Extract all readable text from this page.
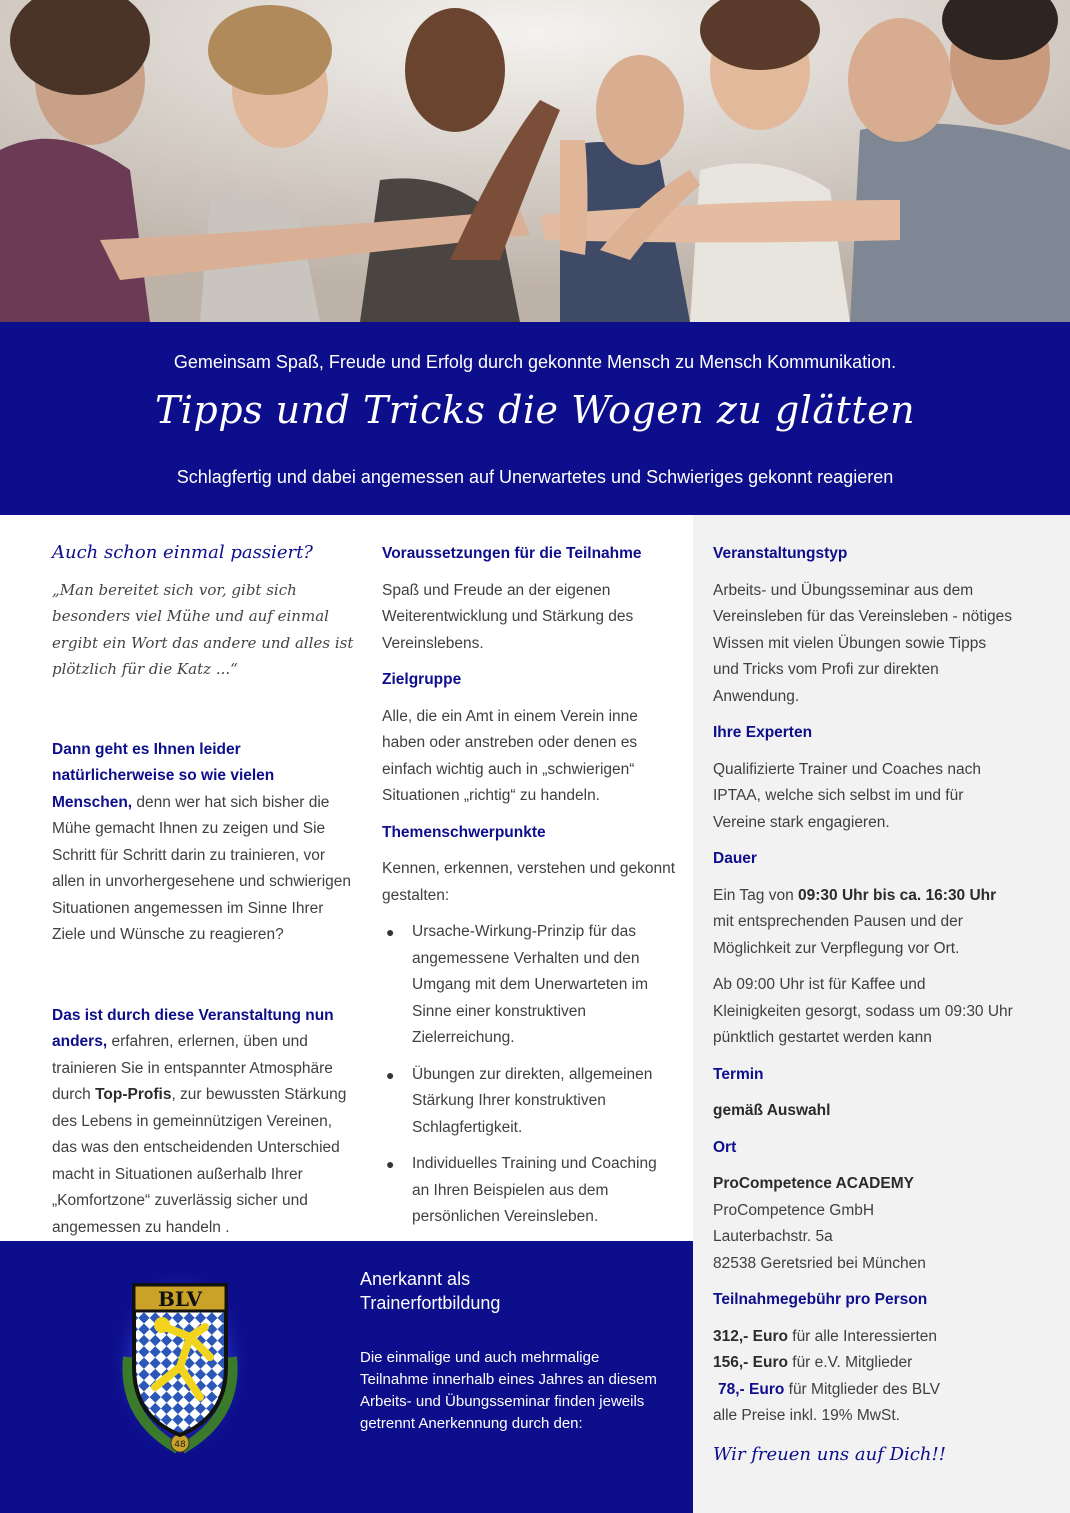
Gemeinsam Spaß, Freude und Erfolg durch gekonnte Mensch zu Mensch Kommunikation.
Tipps und Tricks die Wogen zu glätten
Schlagfertig und dabei angemessen auf Unerwartetes und Schwieriges gekonnt reagieren

Auch schon einmal passiert?

„Man bereitet sich vor, gibt sich besonders viel Mühe und auf einmal ergibt ein Wort das andere und alles ist plötzlich für die Katz ...“

Dann geht es Ihnen leider natürlicherweise so wie vielen Menschen, denn wer hat sich bisher die Mühe gemacht Ihnen zu zeigen und Sie Schritt für Schritt darin zu trainieren, vor allen in unvorhergesehene und schwierigen Situationen angemessen im Sinne Ihrer Ziele und Wünsche zu reagieren?

Das ist durch diese Veranstaltung nun anders, erfahren, erlernen, üben und trainieren Sie in entspannter Atmosphäre durch Top-Profis, zur bewussten Stärkung des Lebens in gemeinnützigen Vereinen, das was den entscheidenden Unterschied macht in Situationen außerhalb Ihrer „Komfortzone“ zuverlässig sicher und angemessen zu handeln .

Voraussetzungen für die Teilnahme

Spaß und Freude an der eigenen Weiterentwicklung und Stärkung des Vereinslebens.

Zielgruppe

Alle, die ein Amt in einem Verein inne haben oder anstreben oder denen es einfach wichtig auch in „schwierigen“ Situationen „richtig“ zu handeln.

Themenschwerpunkte

Kennen, erkennen, verstehen und gekonnt gestalten:

● Ursache-Wirkung-Prinzip für das angemessene Verhalten und den Umgang mit dem Unerwarteten im Sinne einer konstruktiven Zielerreichung.
● Übungen zur direkten, allgemeinen Stärkung Ihrer konstruktiven Schlagfertigkeit.
● Individuelles Training und Coaching an Ihren Beispielen aus dem persönlichen Vereinsleben.

Veranstaltungstyp

Arbeits- und Übungsseminar aus dem Vereinsleben für das Vereinsleben - nötiges Wissen mit vielen Übungen sowie Tipps und Tricks vom Profi zur direkten Anwendung.

Ihre Experten

Qualifizierte Trainer und Coaches nach IPTAA, welche sich selbst im und für Vereine stark engagieren.

Dauer

Ein Tag von 09:30 Uhr bis ca. 16:30 Uhr mit entsprechenden Pausen und der Möglichkeit zur Verpflegung vor Ort.

Ab 09:00 Uhr ist für Kaffee und Kleinigkeiten gesorgt, sodass um 09:30 Uhr pünktlich gestartet werden kann

Termin

gemäß Auswahl

Ort

ProCompetence ACADEMY

ProCompetence GmbH

Lauterbachstr. 5a

82538 Geretsried bei München

Teilnahmegebühr pro Person

312,- Euro für alle Interessierten

156,- Euro für e.V. Mitglieder

78,- Euro für Mitglieder des BLV

alle Preise inkl. 19% MwSt.

Wir freuen uns auf Dich!!

48
BLV
Anerkannt als Trainerfortbildung
Die einmalige und auch mehrmalige Teilnahme innerhalb eines Jahres an diesem Arbeits- und Übungsseminar finden jeweils getrennt Anerkennung durch den:
